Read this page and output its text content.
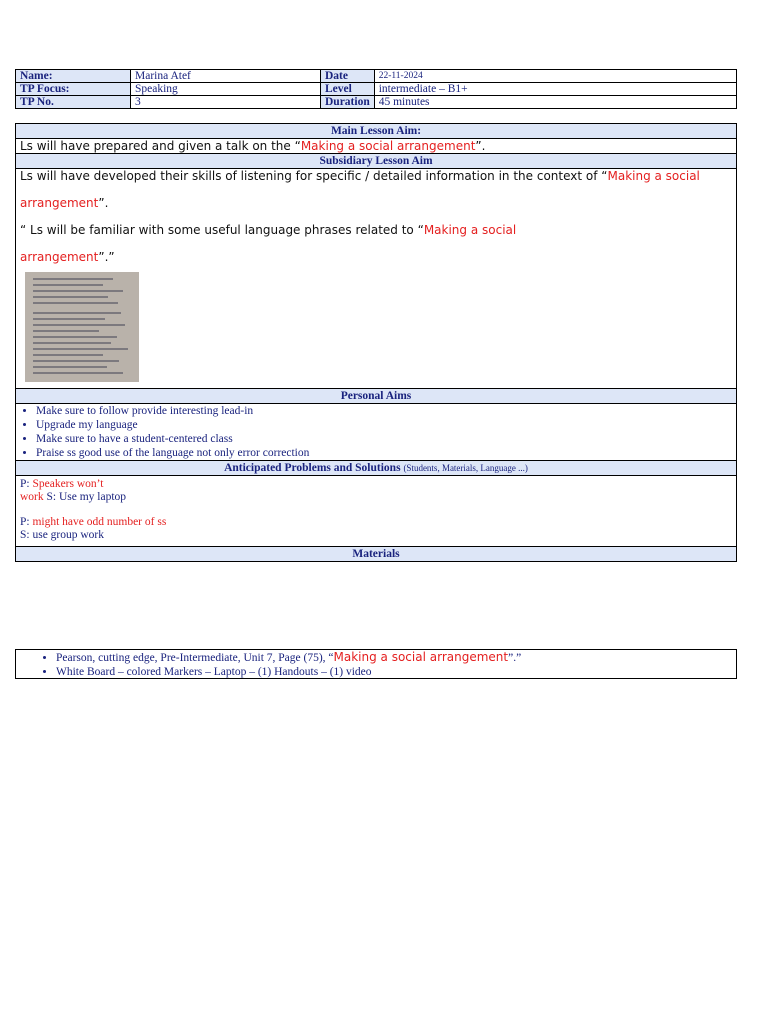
Name:	Marina Atef	Date	22-11-2024
TP Focus:	Speaking	Level	intermediate – B1+
TP No.	3	Duration	45 minutes
Main Lesson Aim:
Ls will have prepared and given a talk on the “Making a social arrangement”.
Subsidiary Lesson Aim
Ls will have developed their skills of listening for specific / detailed information in the context of “Making a social
arrangement”.
“ Ls will be familiar with some useful language phrases related to “Making a social
arrangement”.”
Personal Aims
• Make sure to follow provide interesting lead-in
• Upgrade my language
• Make sure to have a student-centered class
• Praise ss good use of the language not only error correction
Anticipated Problems and Solutions (Students, Materials, Language ...)
P: Speakers won’t
work S: Use my laptop
P: might have odd number of ss
S: use group work
Materials
• Pearson, cutting edge, Pre-Intermediate, Unit 7, Page (75), “Making a social arrangement”.”
• White Board – colored Markers – Laptop – (1) Handouts – (1) video
